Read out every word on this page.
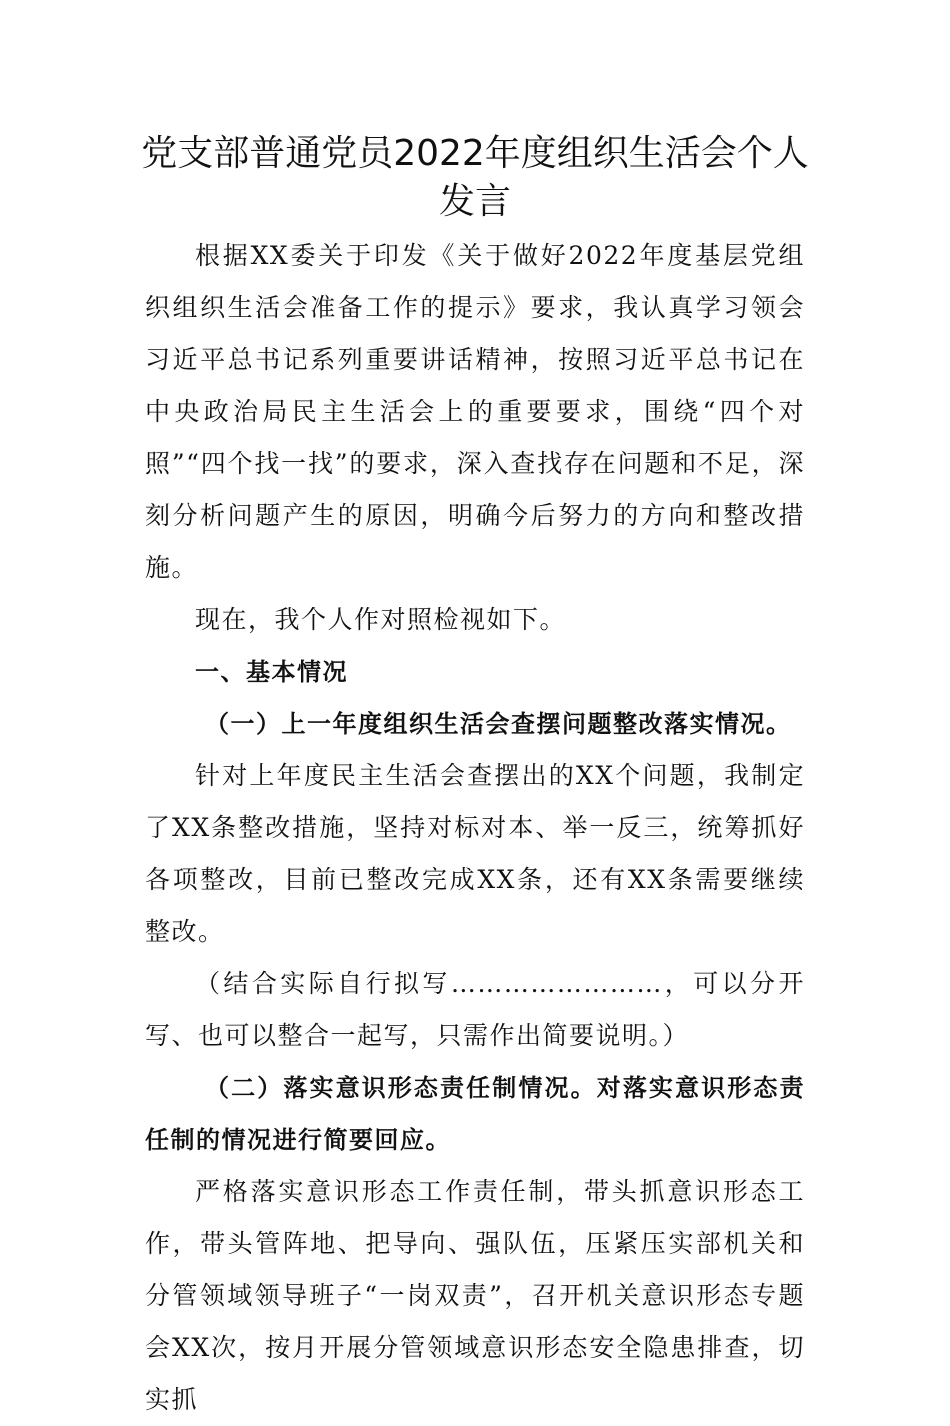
党支部普通党员2022年度组织生活会个人发言

根据XX委关于印发《关于做好2022年度基层党组织组织生活会准备工作的提示》要求，我认真学习领会习近平总书记系列重要讲话精神，按照习近平总书记在中央政治局民主生活会上的重要要求，围绕“四个对照”“四个找一找”的要求，深入查找存在问题和不足，深刻分析问题产生的原因，明确今后努力的方向和整改措施。

现在，我个人作对照检视如下。

一、基本情况

（一）上一年度组织生活会查摆问题整改落实情况。

针对上年度民主生活会查摆出的XX个问题，我制定了XX条整改措施，坚持对标对本、举一反三，统筹抓好各项整改，目前已整改完成XX条，还有XX条需要继续整改。

（结合实际自行拟写……………………，可以分开写、也可以整合一起写，只需作出简要说明。）

（二）落实意识形态责任制情况。对落实意识形态责任制的情况进行简要回应。

严格落实意识形态工作责任制，带头抓意识形态工作，带头管阵地、把导向、强队伍，压紧压实部机关和分管领域领导班子“一岗双责”，召开机关意识形态专题会XX次，按月开展分管领域意识形态安全隐患排查，切实抓
